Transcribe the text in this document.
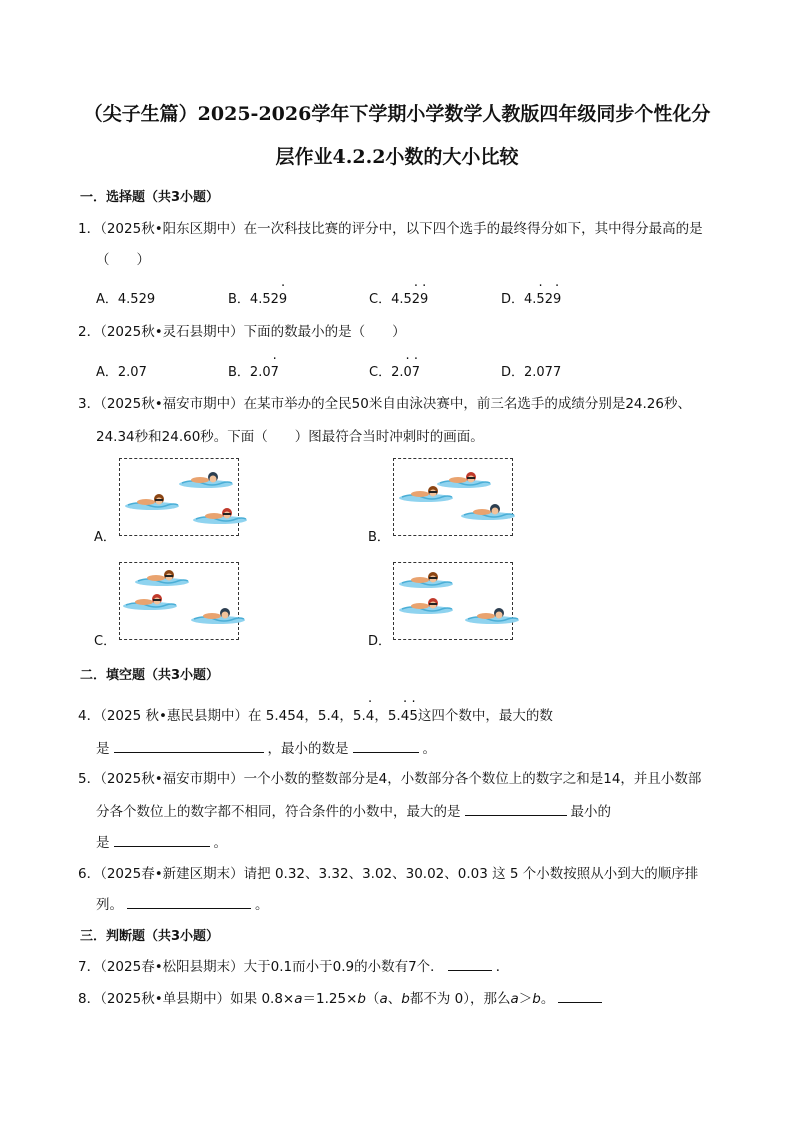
（尖子生篇）2025-2026学年下学期小学数学人教版四年级同步个性化分
层作业4.2.2小数的大小比较
一．选择题（共3小题）
1．（2025秋•阳东区期中）在一次科技比赛的评分中，以下四个选手的最终得分如下，其中得分最高的是
（　　）
A．4.529	B．4.52· 9	C．4.5· 2· 9	D．4.· 52· 9
2．（2025秋•灵石县期中）下面的数最小的是（　　）
A．2.07	B．2.0· 7	C．2.· 0· 7	D．2.077
3．（2025秋•福安市期中）在某市举办的全民50米自由泳决赛中，前三名选手的成绩分别是24.26秒、
24.34秒和24.60秒。下面（　　）图最符合当时冲刺时的画面。
A．	B．
C．	D．
二．填空题（共3小题）
4．（2025 秋•惠民县期中）在 5.454，5.4，5.· 4，5.· 4· 5这四个数中，最大的数
是	，最小的数是	。
5．（2025秋•福安市期中）一个小数的整数部分是4，小数部分各个数位上的数字之和是14，并且小数部
分各个数位上的数字都不相同，符合条件的小数中，最大的是	最小的
是	。
6．（2025春•新建区期末）请把 0.32、3.32、3.02、30.02、0.03 这 5 个小数按照从小到大的顺序排
列。	。
三．判断题（共3小题）
7．（2025春•松阳县期末）大于0.1而小于0.9的小数有7个．	．
8．（2025秋•单县期中）如果 0.8×a＝1.25×b（a、b都不为 0），那么a＞b。
